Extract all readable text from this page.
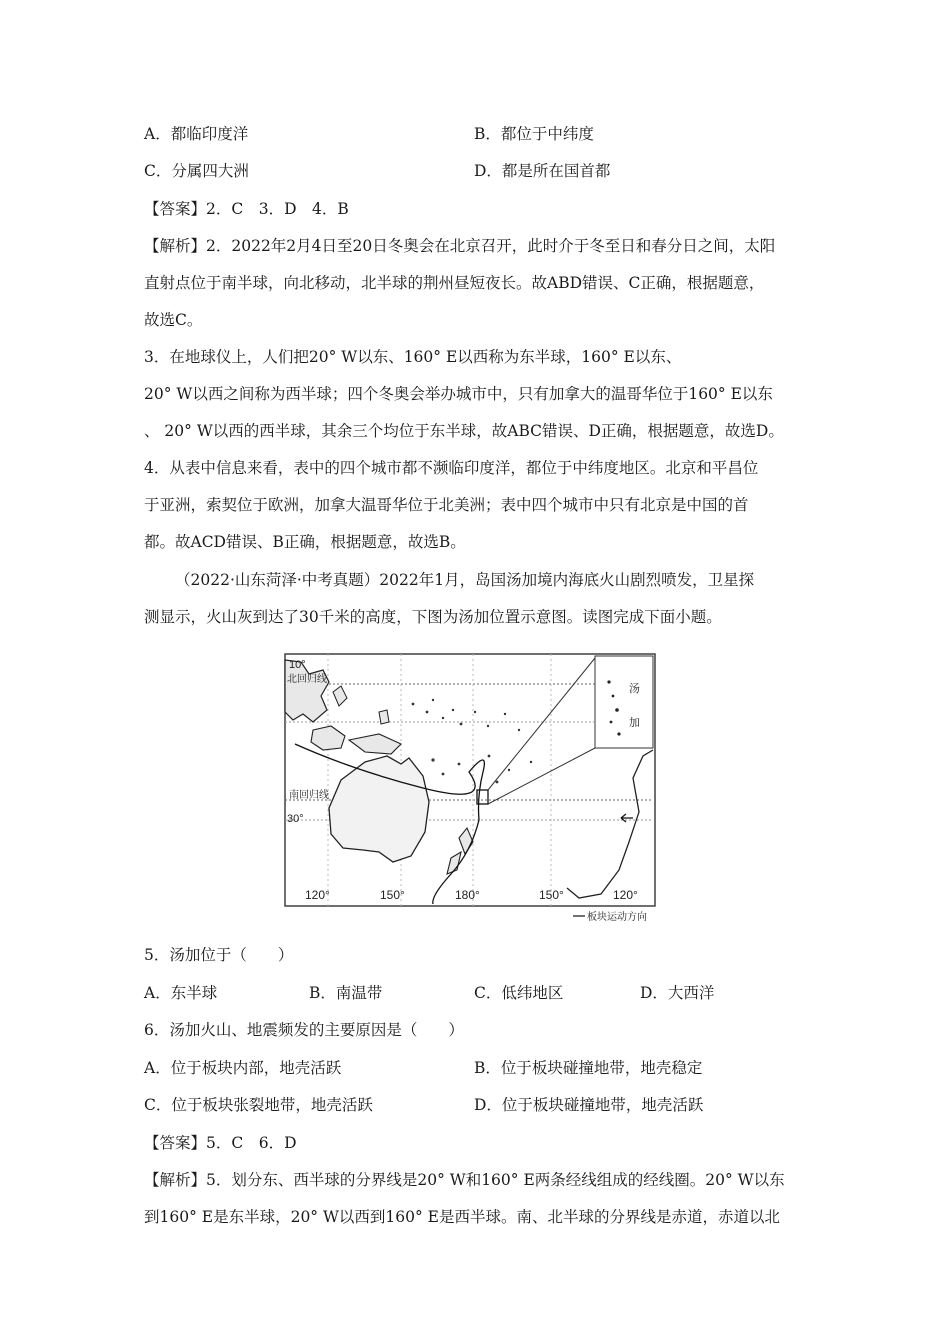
A．都临印度洋	B．都位于中纬度
C．分属四大洲	D．都是所在国首都
【答案】2．C　3．D　4．B
【解析】2．2022年2月4日至20日冬奥会在北京召开，此时介于冬至日和春分日之间，太阳
直射点位于南半球，向北移动，北半球的荆州昼短夜长。故ABD错误、C正确，根据题意，
故选C。
3．在地球仪上，人们把20° W以东、160° E以西称为东半球，160° E以东、
20° W以西之间称为西半球；四个冬奥会举办城市中，只有加拿大的温哥华位于160° E以东
、 20° W以西的西半球，其余三个均位于东半球，故ABC错误、D正确，根据题意，故选D。
4．从表中信息来看，表中的四个城市都不濒临印度洋，都位于中纬度地区。北京和平昌位
于亚洲，索契位于欧洲，加拿大温哥华位于北美洲；表中四个城市中只有北京是中国的首
都。故ACD错误、B正确，根据题意，故选B。
（2022·山东菏泽·中考真题）2022年1月，岛国汤加境内海底火山剧烈喷发，卫星探
测显示，火山灰到达了30千米的高度，下图为汤加位置示意图。读图完成下面小题。
10°
北回归线
南回归线
30°
汤
加
120°	150°	180°	150°	120°
板块运动方向
5．汤加位于（　　）
A．东半球	B．南温带	C．低纬地区	D．大西洋
6．汤加火山、地震频发的主要原因是（　　）
A．位于板块内部，地壳活跃	B．位于板块碰撞地带，地壳稳定
C．位于板块张裂地带，地壳活跃	D．位于板块碰撞地带，地壳活跃
【答案】5．C　6．D
【解析】5．划分东、西半球的分界线是20° W和160° E两条经线组成的经线圈。20° W以东
到160° E是东半球，20° W以西到160° E是西半球。南、北半球的分界线是赤道，赤道以北
